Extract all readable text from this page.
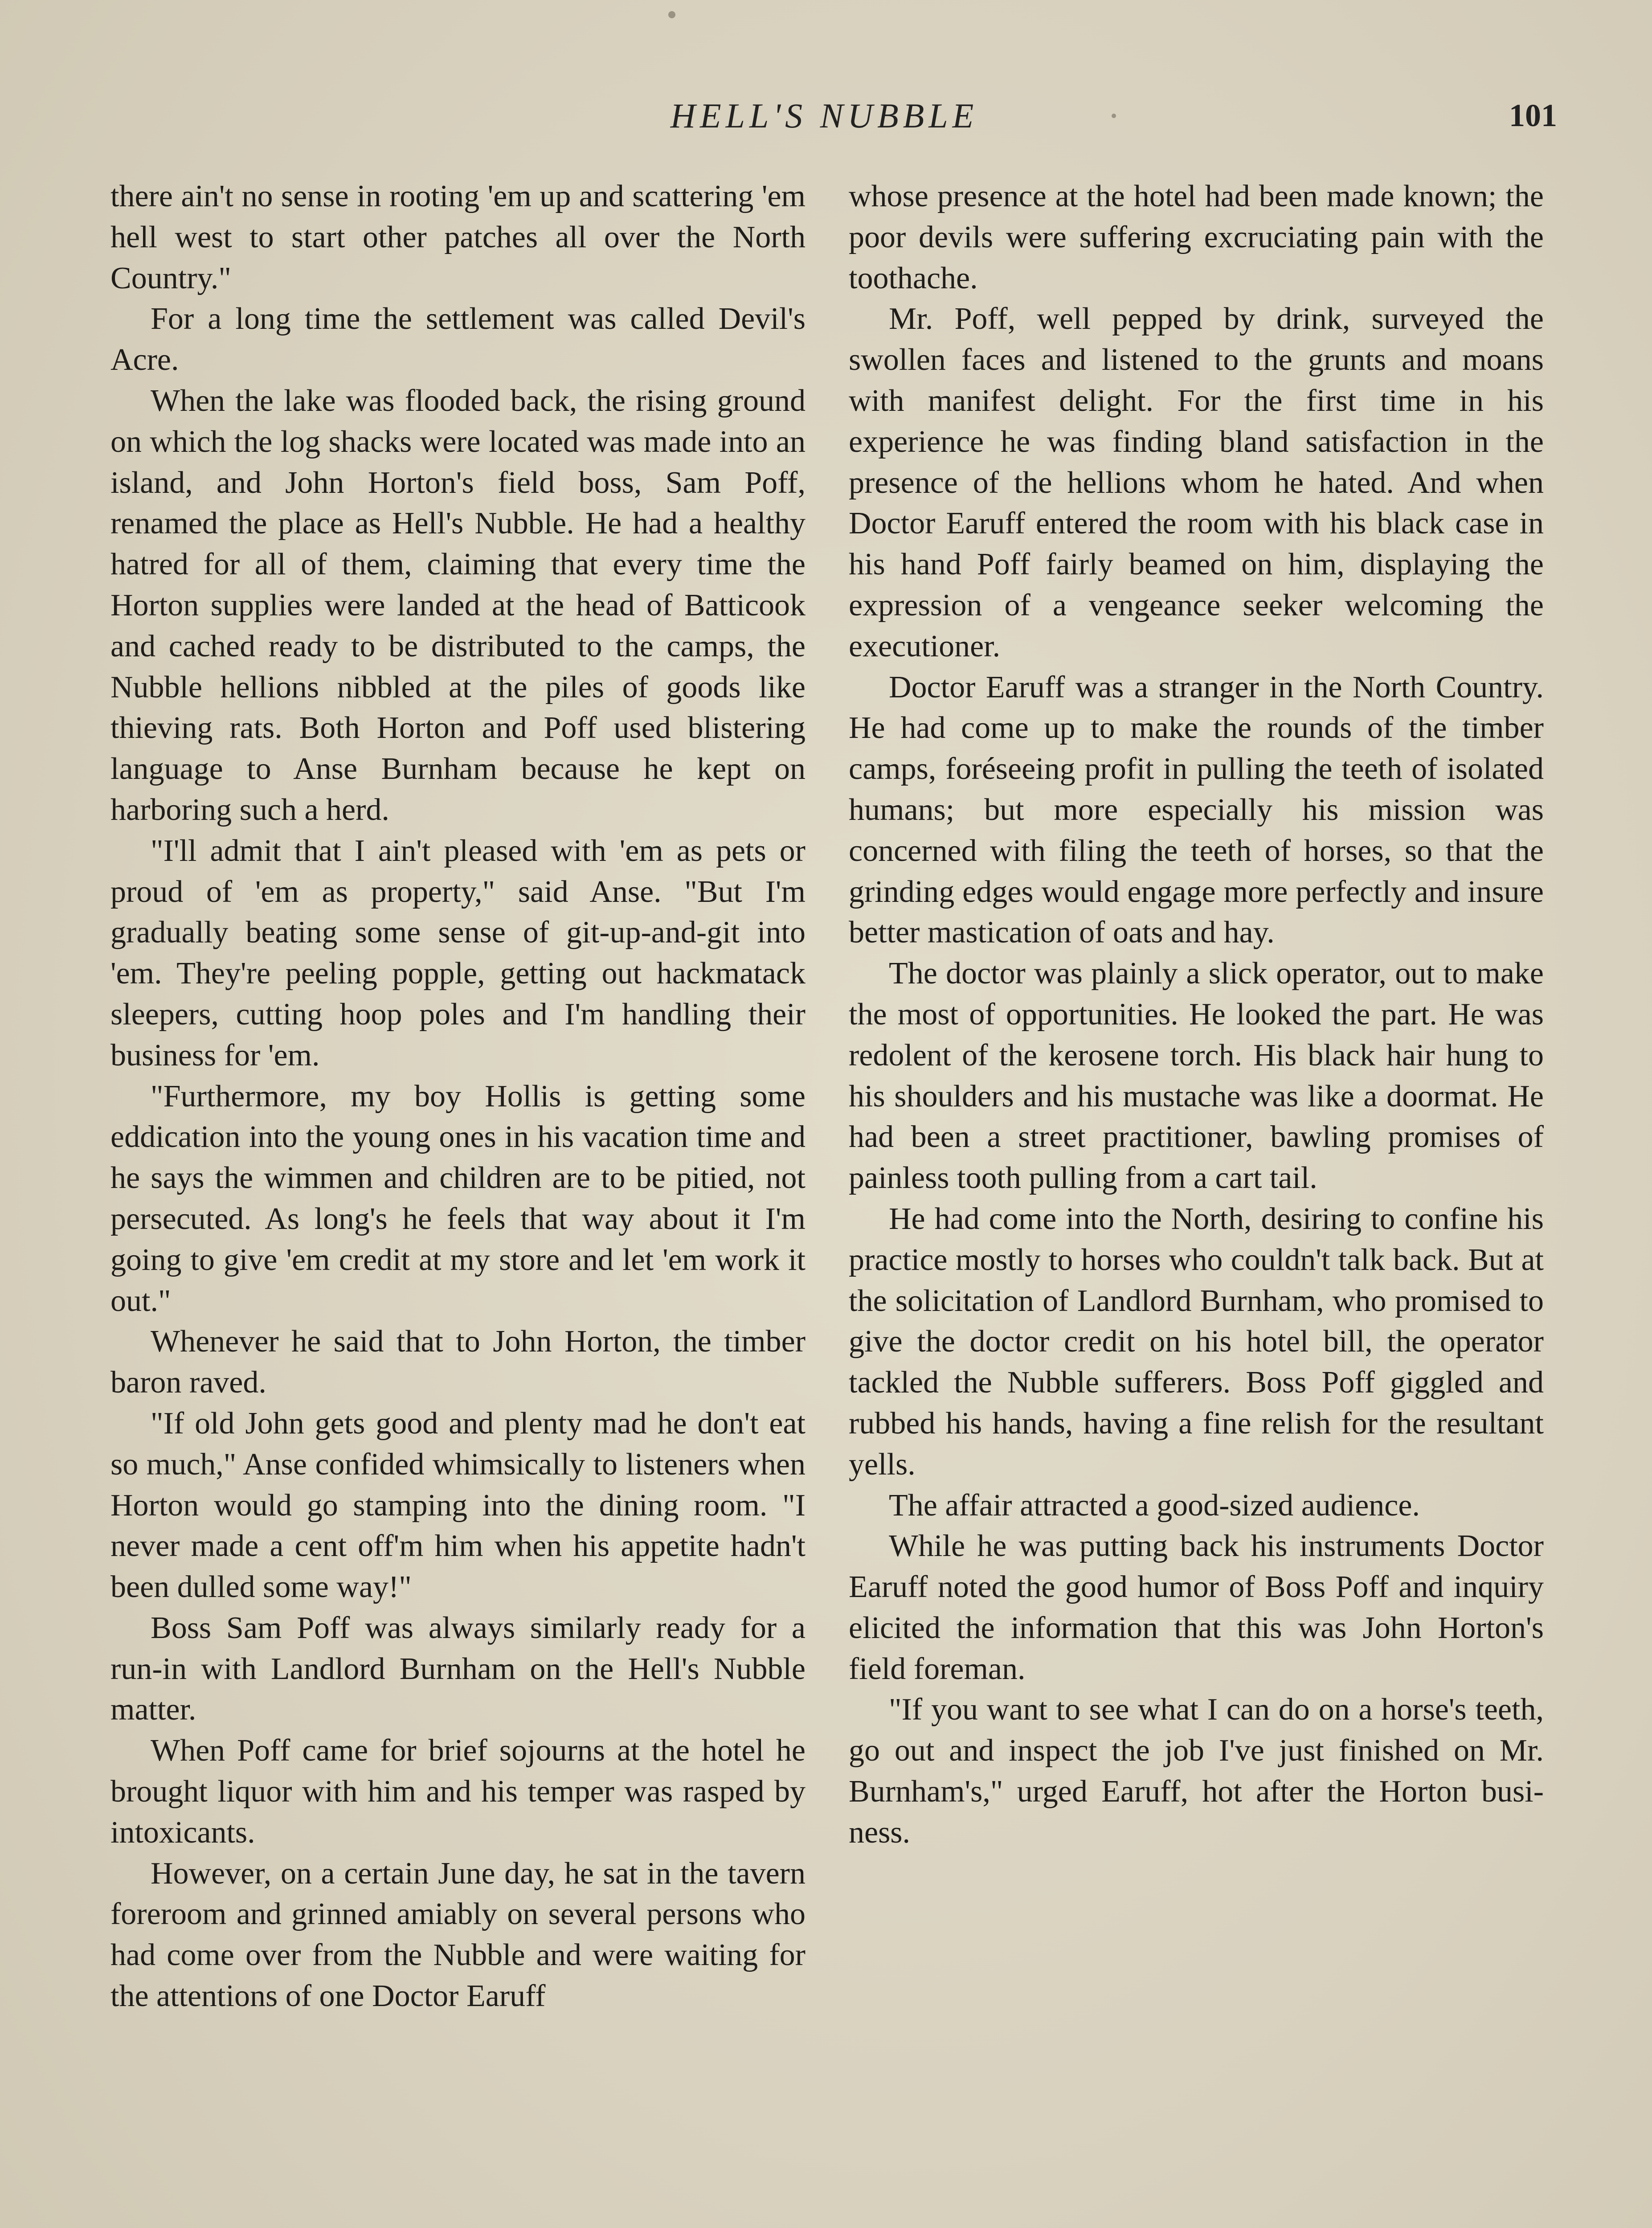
HELL'S NUBBLE	101

there ain't no sense in rooting 'em up and scattering 'em hell west to start other patches all over the North Country."

For a long time the settlement was called Devil's Acre.

When the lake was flooded back, the rising ground on which the log shacks were located was made into an island, and John Horton's field boss, Sam Poff, renamed the place as Hell's Nubble. He had a healthy hatred for all of them, claiming that every time the Horton supplies were landed at the head of Batticook and cached ready to be distributed to the camps, the Nubble hellions nibbled at the piles of goods like thieving rats. Both Horton and Poff used blistering language to Anse Burnham because he kept on harboring such a herd.

"I'll admit that I ain't pleased with 'em as pets or proud of 'em as property," said Anse. "But I'm gradually beating some sense of git-up-and-git into 'em. They're peeling popple, getting out hackmatack sleepers, cutting hoop poles and I'm handling their business for 'em.

"Furthermore, my boy Hollis is getting some eddication into the young ones in his vacation time and he says the wimmen and children are to be pitied, not persecuted. As long's he feels that way about it I'm going to give 'em credit at my store and let 'em work it out."

Whenever he said that to John Horton, the timber baron raved.

"If old John gets good and plenty mad he don't eat so much," Anse confided whimsically to listeners when Horton would go stamping into the dining room. "I never made a cent off'm him when his appetite hadn't been dulled some way!"

Boss Sam Poff was always similarly ready for a run-in with Landlord Burnham on the Hell's Nubble matter.

When Poff came for brief sojourns at the hotel he brought liquor with him and his temper was rasped by intoxicants.

However, on a certain June day, he sat in the tavern foreroom and grinned amiably on several persons who had come over from the Nubble and were waiting for the attentions of one Doctor Earuff

whose presence at the hotel had been made known; the poor devils were suffering excruciating pain with the toothache.

Mr. Poff, well pepped by drink, surveyed the swollen faces and listened to the grunts and moans with manifest delight. For the first time in his experience he was finding bland satisfaction in the presence of the hellions whom he hated. And when Doctor Earuff entered the room with his black case in his hand Poff fairly beamed on him, displaying the expression of a vengeance seeker welcoming the executioner.

Doctor Earuff was a stranger in the North Country. He had come up to make the rounds of the timber camps, foréseeing profit in pulling the teeth of isolated humans; but more especially his mission was concerned with filing the teeth of horses, so that the grinding edges would engage more perfectly and insure better mastication of oats and hay.

The doctor was plainly a slick operator, out to make the most of opportunities. He looked the part. He was redolent of the kerosene torch. His black hair hung to his shoulders and his mustache was like a doormat. He had been a street practitioner, bawling promises of painless tooth pulling from a cart tail.

He had come into the North, desiring to confine his practice mostly to horses who couldn't talk back. But at the solicitation of Landlord Burnham, who promised to give the doctor credit on his hotel bill, the operator tackled the Nubble sufferers. Boss Poff giggled and rubbed his hands, having a fine relish for the resultant yells.

The affair attracted a good-sized audience.

While he was putting back his instruments Doctor Earuff noted the good humor of Boss Poff and inquiry elicited the information that this was John Horton's field foreman.

"If you want to see what I can do on a horse's teeth, go out and inspect the job I've just finished on Mr. Burnham's," urged Earuff, hot after the Horton business.
